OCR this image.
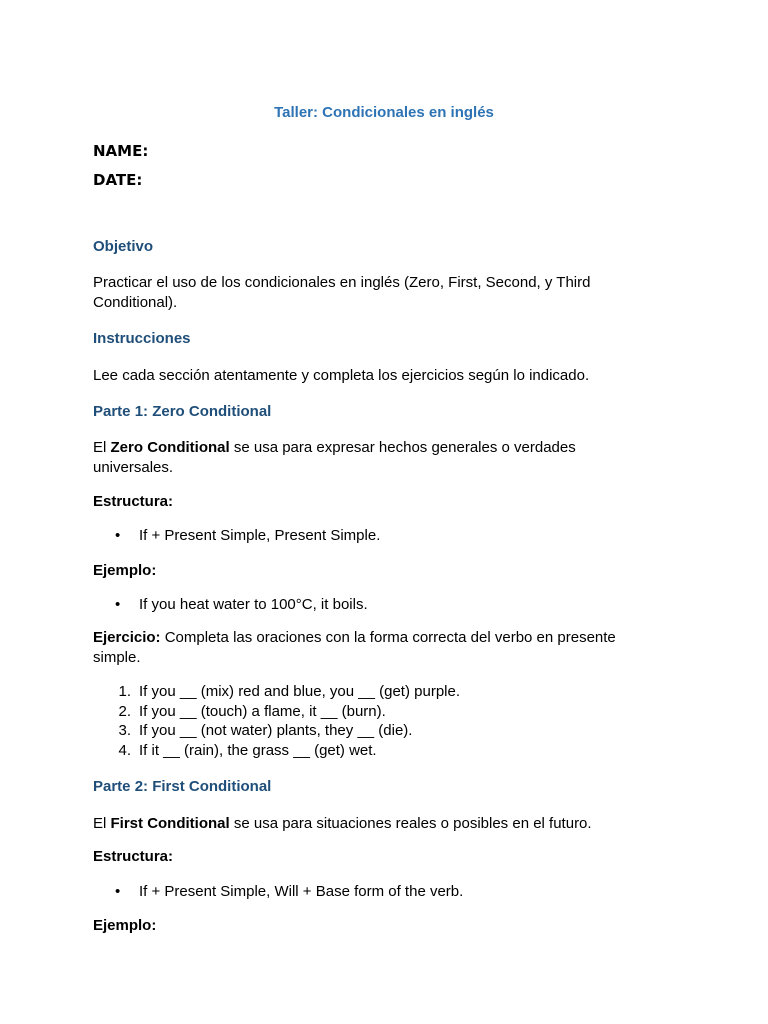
Taller: Condicionales en inglés
NAME:
DATE:
Objetivo
Practicar el uso de los condicionales en inglés (Zero, First, Second, y Third Conditional).
Instrucciones
Lee cada sección atentamente y completa los ejercicios según lo indicado.
Parte 1: Zero Conditional
El Zero Conditional se usa para expresar hechos generales o verdades universales.
Estructura:
•	If + Present Simple, Present Simple.
Ejemplo:
•	If you heat water to 100°C, it boils.
Ejercicio: Completa las oraciones con la forma correcta del verbo en presente simple.
1. If you __ (mix) red and blue, you __ (get) purple.
2. If you __ (touch) a flame, it __ (burn).
3. If you __ (not water) plants, they __ (die).
4. If it __ (rain), the grass __ (get) wet.
Parte 2: First Conditional
El First Conditional se usa para situaciones reales o posibles en el futuro.
Estructura:
•	If + Present Simple, Will + Base form of the verb.
Ejemplo:
